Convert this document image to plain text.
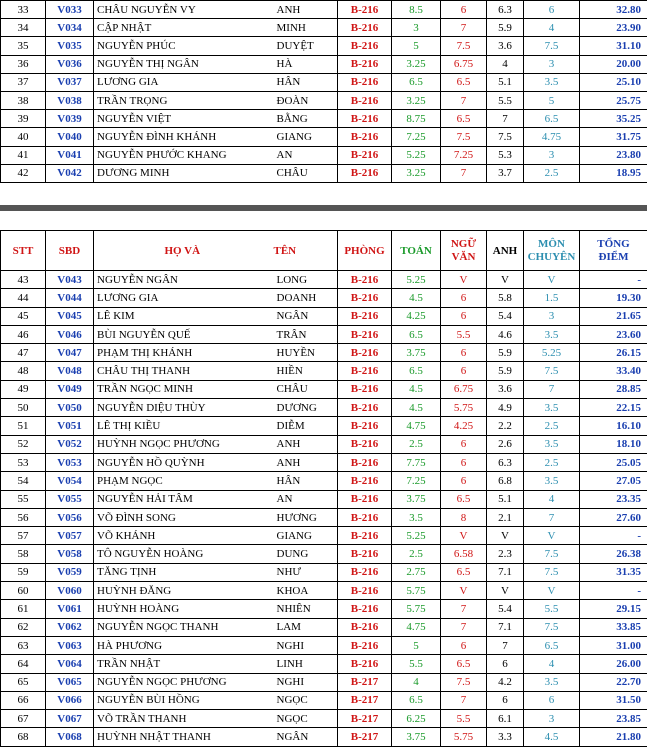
33	V033	CHÂU NGUYỄN VY	ANH	B-216	8.5	6	6.3	6	32.80
34	V034	CẬP NHẬT	MINH	B-216	3	7	5.9	4	23.90
35	V035	NGUYỄN PHÚC	DUYỆT	B-216	5	7.5	3.6	7.5	31.10
36	V036	NGUYỄN THỊ NGÂN	HÀ	B-216	3.25	6.75	4	3	20.00
37	V037	LƯƠNG GIA	HÂN	B-216	6.5	6.5	5.1	3.5	25.10
38	V038	TRẦN TRỌNG	ĐOÀN	B-216	3.25	7	5.5	5	25.75
39	V039	NGUYỄN VIỆT	BẰNG	B-216	8.75	6.5	7	6.5	35.25
40	V040	NGUYỄN ĐÌNH KHÁNH	GIANG	B-216	7.25	7.5	7.5	4.75	31.75
41	V041	NGUYỄN PHƯỚC KHANG	AN	B-216	5.25	7.25	5.3	3	23.80
42	V042	DƯƠNG MINH	CHÂU	B-216	3.25	7	3.7	2.5	18.95
STT	SBD	HỌ VÀ	TÊN	PHÒNG	TOÁN	NGỮ VĂN	ANH	MÔN CHUYÊN	TỔNG ĐIỂM
43	V043	NGUYỄN NGÂN	LONG	B-216	5.25	V	V	V	-
44	V044	LƯƠNG GIA	DOANH	B-216	4.5	6	5.8	1.5	19.30
45	V045	LÊ KIM	NGÂN	B-216	4.25	6	5.4	3	21.65
46	V046	BÙI NGUYỄN QUẾ	TRÂN	B-216	6.5	5.5	4.6	3.5	23.60
47	V047	PHẠM THỊ KHÁNH	HUYỀN	B-216	3.75	6	5.9	5.25	26.15
48	V048	CHÂU THỊ THANH	HIỀN	B-216	6.5	6	5.9	7.5	33.40
49	V049	TRẦN NGỌC MINH	CHÂU	B-216	4.5	6.75	3.6	7	28.85
50	V050	NGUYỄN DIỆU THÙY	DƯƠNG	B-216	4.5	5.75	4.9	3.5	22.15
51	V051	LÊ THỊ KIỀU	DIỄM	B-216	4.75	4.25	2.2	2.5	16.10
52	V052	HUỲNH NGỌC PHƯƠNG	ANH	B-216	2.5	6	2.6	3.5	18.10
53	V053	NGUYỄN HỒ QUỲNH	ANH	B-216	7.75	6	6.3	2.5	25.05
54	V054	PHẠM NGỌC	HÂN	B-216	7.25	6	6.8	3.5	27.05
55	V055	NGUYỄN HẢI TÂM	AN	B-216	3.75	6.5	5.1	4	23.35
56	V056	VÕ ĐÌNH SONG	HƯƠNG	B-216	3.5	8	2.1	7	27.60
57	V057	VÕ KHÁNH	GIANG	B-216	5.25	V	V	V	-
58	V058	TÔ NGUYỄN HOÀNG	DUNG	B-216	2.5	6.58	2.3	7.5	26.38
59	V059	TĂNG TỊNH	NHƯ	B-216	2.75	6.5	7.1	7.5	31.35
60	V060	HUỲNH ĐĂNG	KHOA	B-216	5.75	V	V	V	-
61	V061	HUỲNH HOÀNG	NHIÊN	B-216	5.75	7	5.4	5.5	29.15
62	V062	NGUYỄN NGỌC THANH	LAM	B-216	4.75	7	7.1	7.5	33.85
63	V063	HÀ PHƯƠNG	NGHI	B-216	5	6	7	6.5	31.00
64	V064	TRẦN NHẬT	LINH	B-216	5.5	6.5	6	4	26.00
65	V065	NGUYỄN NGỌC PHƯƠNG	NGHI	B-217	4	7.5	4.2	3.5	22.70
66	V066	NGUYỄN BÙI HỒNG	NGỌC	B-217	6.5	7	6	6	31.50
67	V067	VÕ TRẦN THANH	NGỌC	B-217	6.25	5.5	6.1	3	23.85
68	V068	HUỲNH NHẬT THANH	NGÂN	B-217	3.75	5.75	3.3	4.5	21.80
